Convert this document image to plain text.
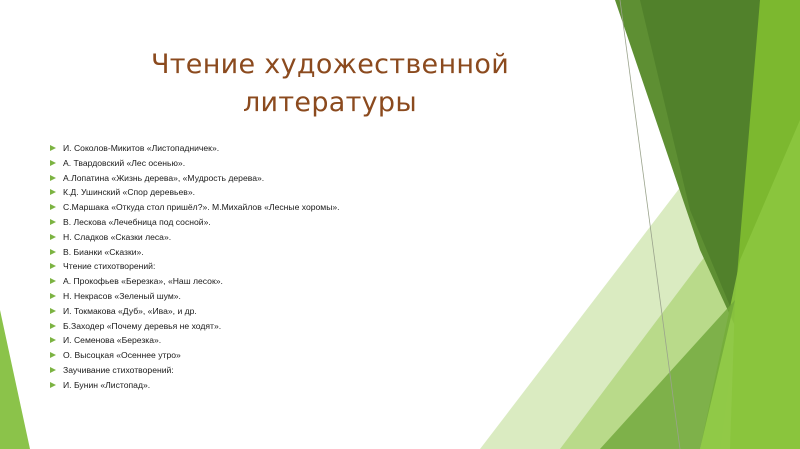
Чтение художественной
литературы
И. Соколов-Микитов «Листопадничек».
А. Твардовский «Лес осенью».
А.Лопатина «Жизнь дерева», «Мудрость дерева».
К.Д. Ушинский «Спор деревьев».
С.Маршака «Откуда стол пришёл?». М.Михайлов «Лесные хоромы».
В. Лескова «Лечебница под сосной».
Н. Сладков «Сказки леса».
В. Бианки «Сказки».
Чтение стихотворений:
А. Прокофьев «Березка», «Наш лесок».
Н. Некрасов «Зеленый шум».
И. Токмакова «Дуб», «Ива», и др.
Б.Заходер «Почему деревья не ходят».
И. Семенова «Березка».
О. Высоцкая «Осеннее утро»
Заучивание стихотворений:
И. Бунин «Листопад».
